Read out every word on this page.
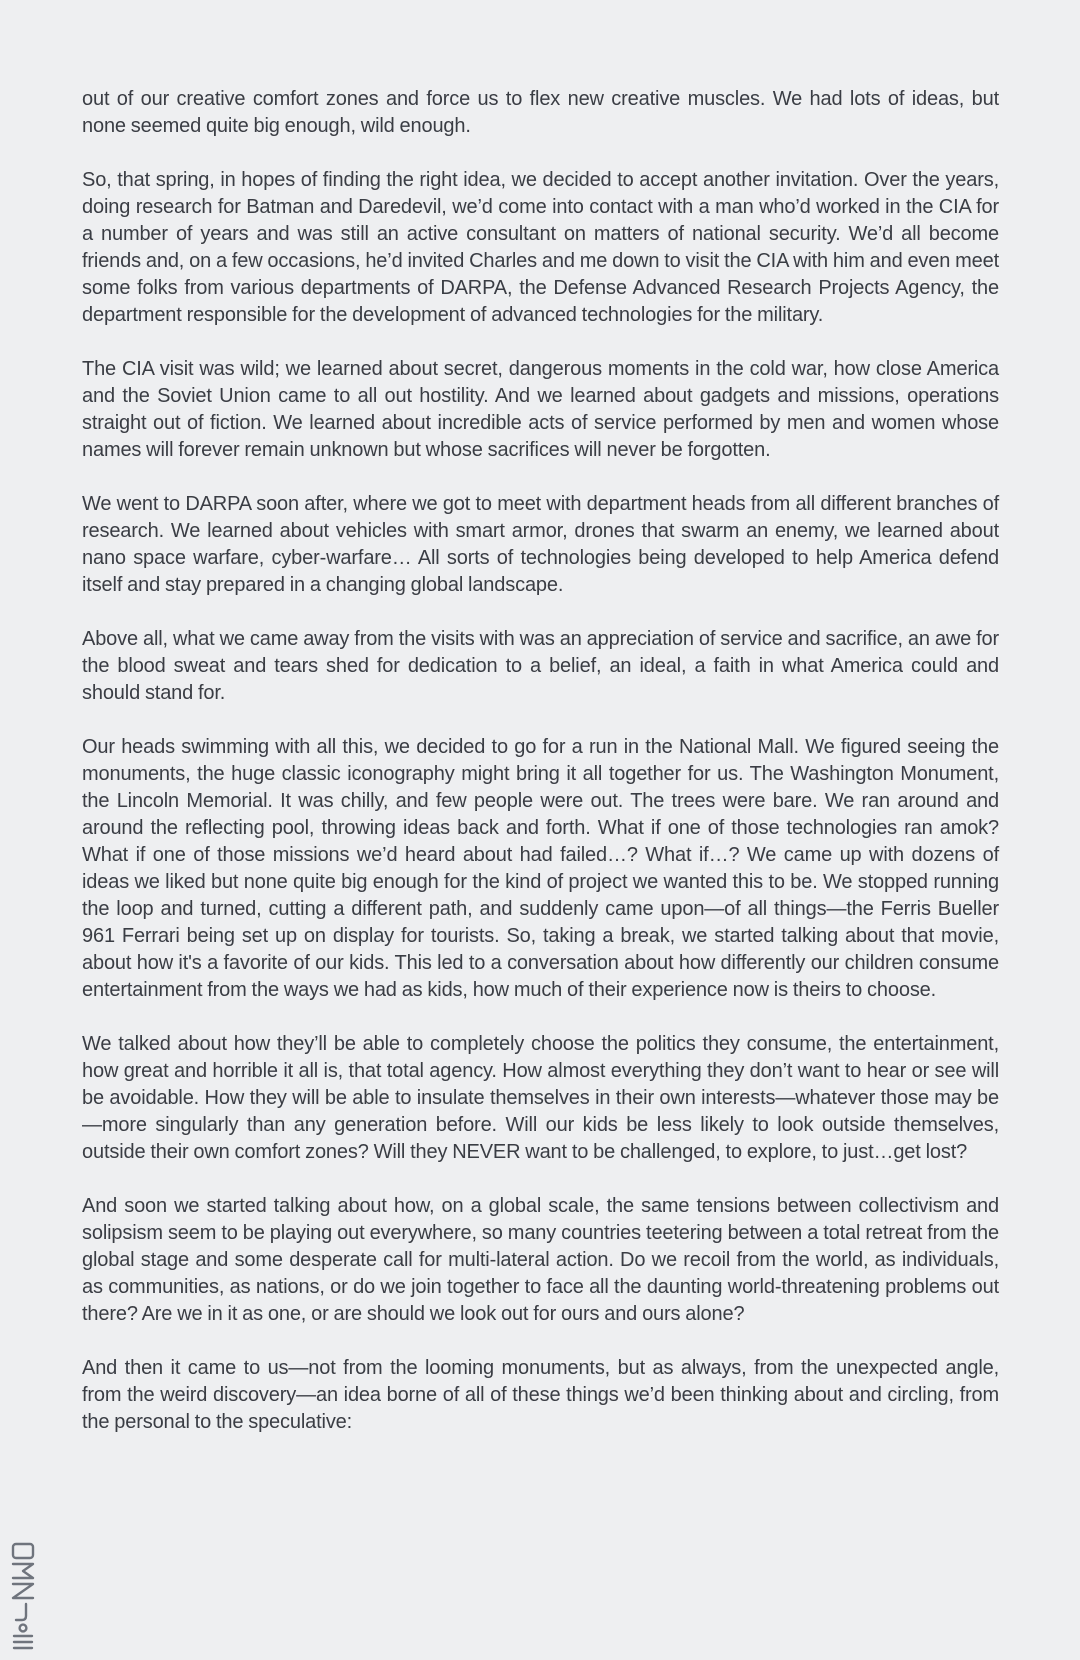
out of our creative comfort zones and force us to flex new creative muscles. We had lots of ideas, but none seemed quite big enough, wild enough.

So, that spring, in hopes of finding the right idea, we decided to accept another invitation. Over the years, doing research for Batman and Daredevil, we’d come into contact with a man who’d worked in the CIA for a number of years and was still an active consultant on matters of national security. We’d all become friends and, on a few occasions, he’d invited Charles and me down to visit the CIA with him and even meet some folks from various departments of DARPA, the Defense Advanced Research Projects Agency, the department responsible for the development of advanced technologies for the military.

The CIA visit was wild; we learned about secret, dangerous moments in the cold war, how close America and the Soviet Union came to all out hostility. And we learned about gadgets and missions, operations straight out of fiction. We learned about incredible acts of service performed by men and women whose names will forever remain unknown but whose sacrifices will never be forgotten.

We went to DARPA soon after, where we got to meet with department heads from all different branches of research. We learned about vehicles with smart armor, drones that swarm an enemy, we learned about nano space warfare, cyber-warfare… All sorts of technologies being developed to help America defend itself and stay prepared in a changing global landscape.

Above all, what we came away from the visits with was an appreciation of service and sacrifice, an awe for the blood sweat and tears shed for dedication to a belief, an ideal, a faith in what America could and should stand for.

Our heads swimming with all this, we decided to go for a run in the National Mall. We figured seeing the monuments, the huge classic iconography might bring it all together for us. The Washington Monument, the Lincoln Memorial. It was chilly, and few people were out. The trees were bare. We ran around and around the reflecting pool, throwing ideas back and forth. What if one of those technologies ran amok? What if one of those missions we’d heard about had failed…? What if…? We came up with dozens of ideas we liked but none quite big enough for the kind of project we wanted this to be. We stopped running the loop and turned, cutting a different path, and suddenly came upon—of all things—the Ferris Bueller 961 Ferrari being set up on display for tourists. So, taking a break, we started talking about that movie, about how it's a favorite of our kids. This led to a conversation about how differently our children consume entertainment from the ways we had as kids, how much of their experience now is theirs to choose.

We talked about how they’ll be able to completely choose the politics they consume, the entertainment, how great and horrible it all is, that total agency. How almost everything they don’t want to hear or see will be avoidable. How they will be able to insulate themselves in their own interests—whatever those may be—more singularly than any generation before. Will our kids be less likely to look outside themselves, outside their own comfort zones? Will they NEVER want to be challenged, to explore, to just…get lost?

And soon we started talking about how, on a global scale, the same tensions between collectivism and solipsism seem to be playing out everywhere, so many countries teetering between a total retreat from the global stage and some desperate call for multi-lateral action. Do we recoil from the world, as individuals, as communities, as nations, or do we join together to face all the daunting world-threatening problems out there? Are we in it as one, or are should we look out for ours and ours alone?

And then it came to us—not from the looming monuments, but as always, from the unexpected angle, from the weird discovery—an idea borne of all of these things we’d been thinking about and circling, from the personal to the speculative:
